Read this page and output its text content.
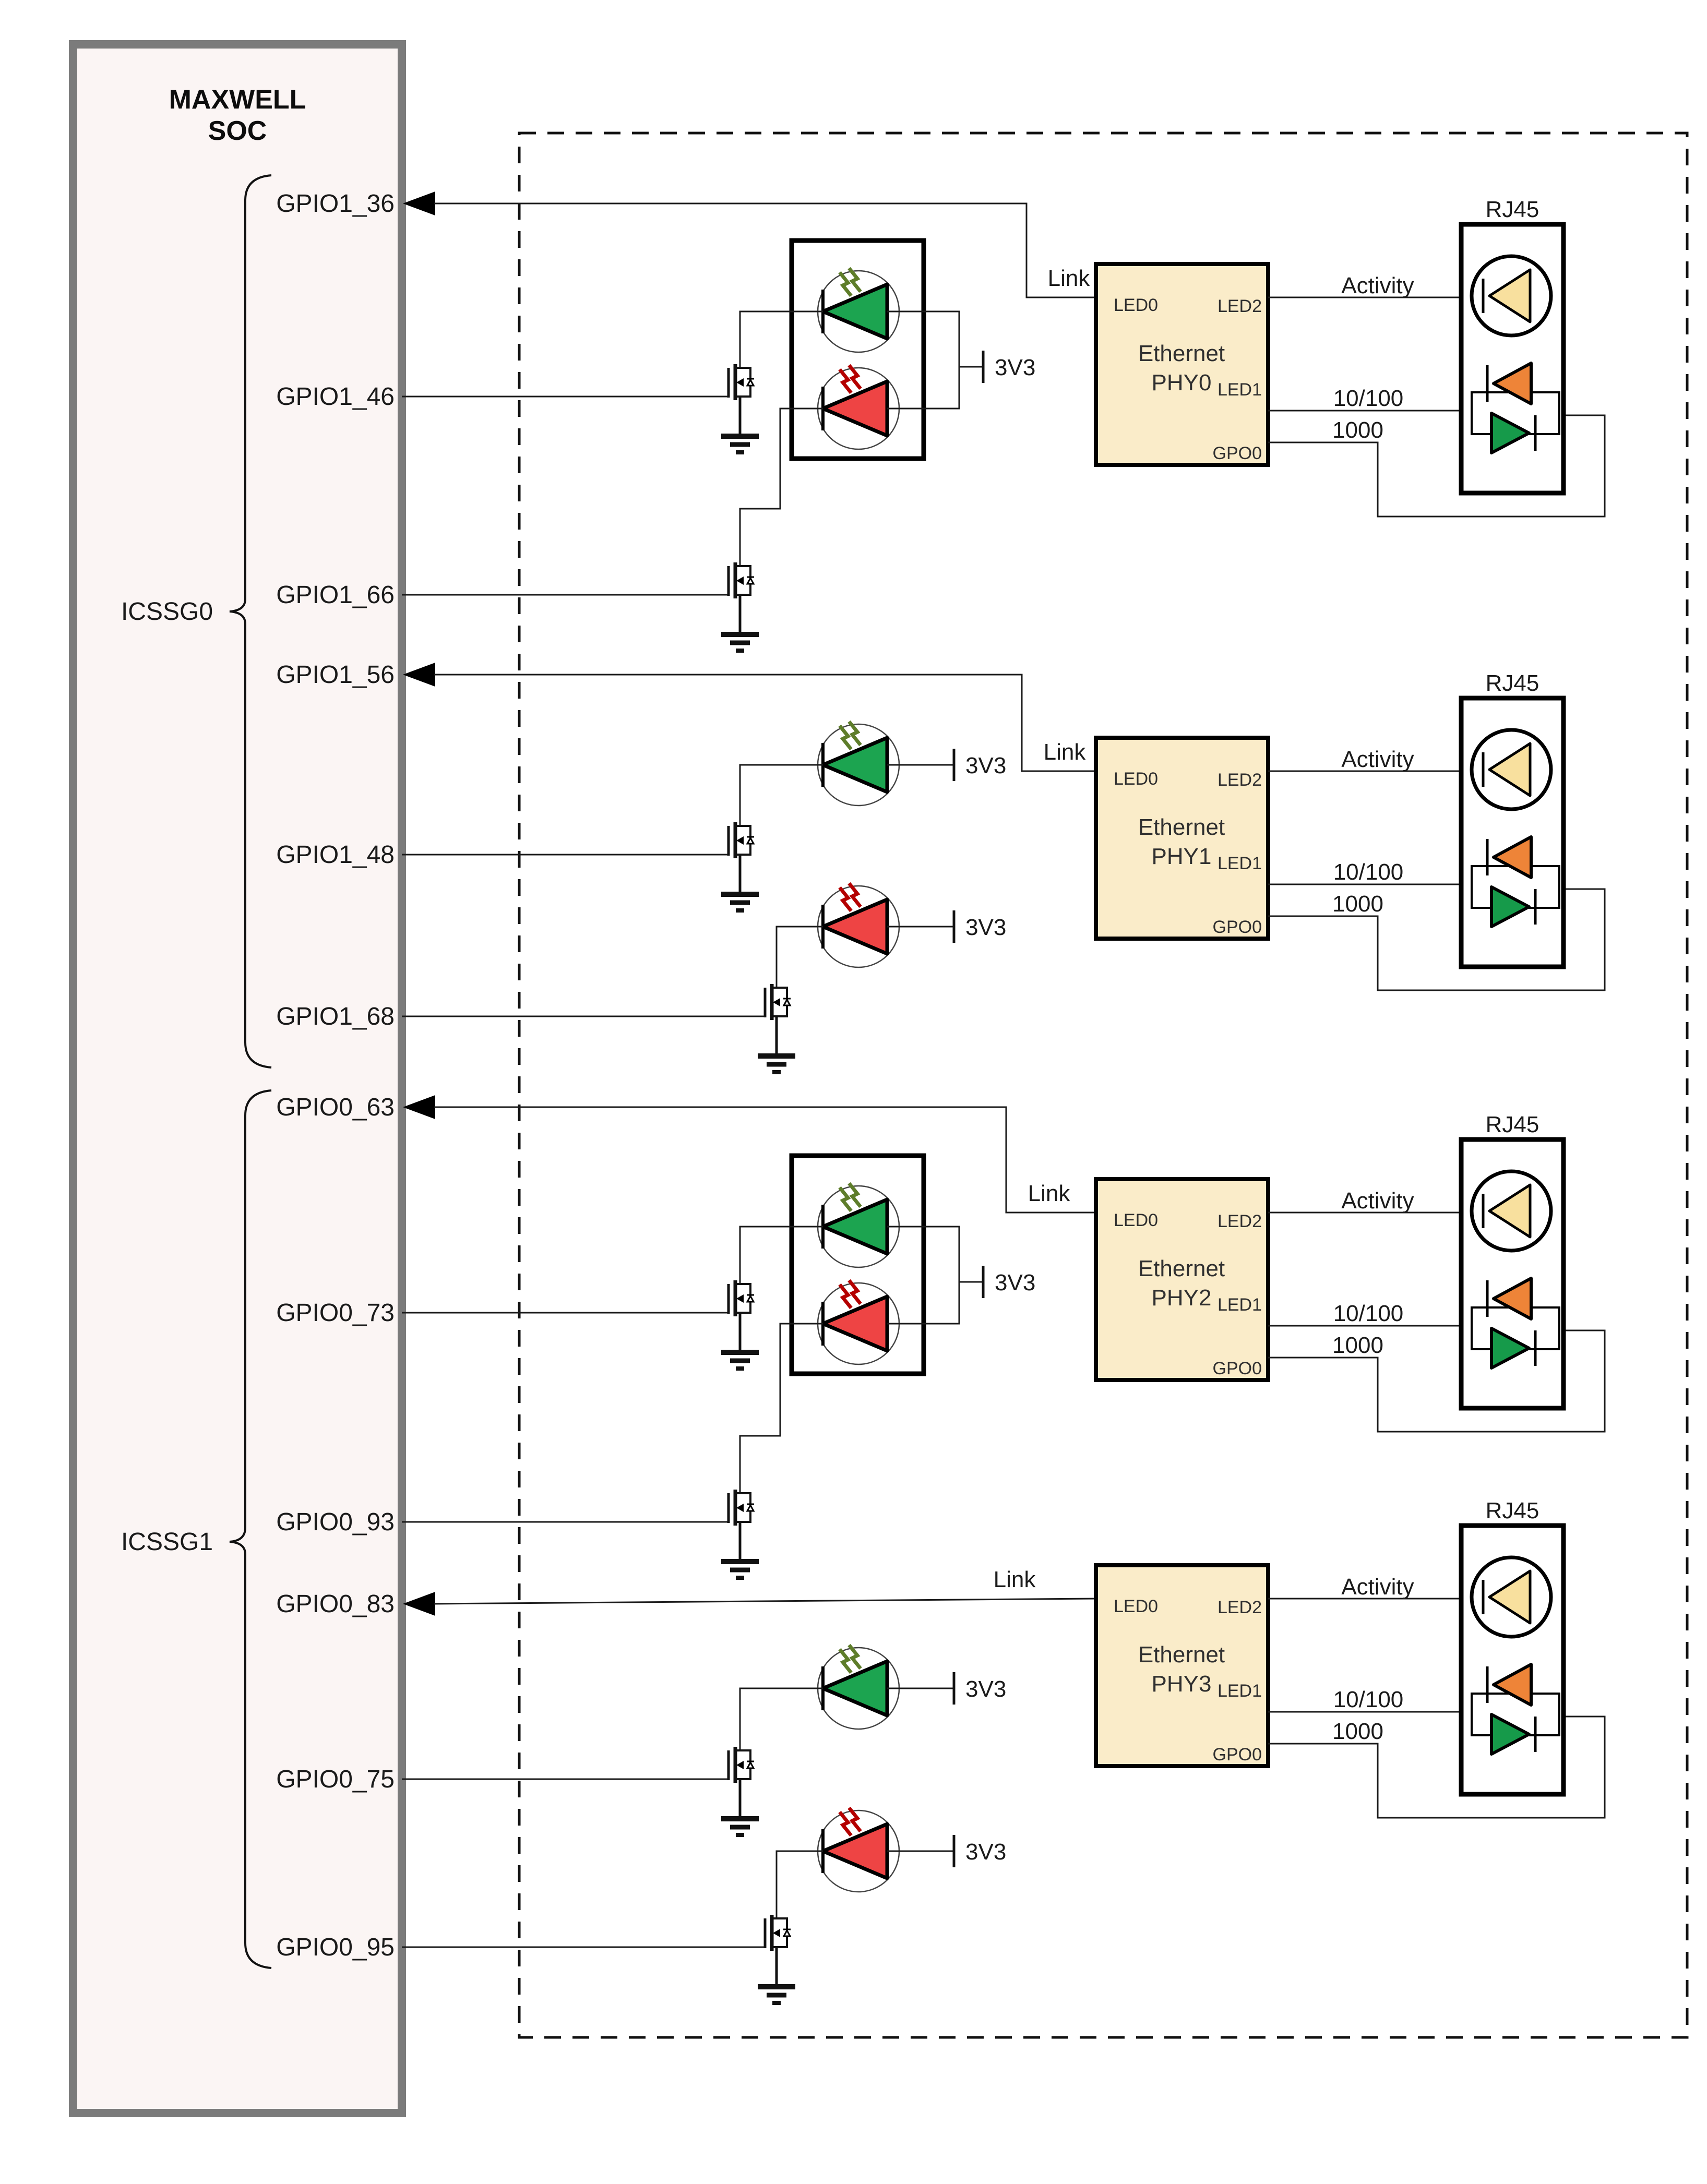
MAXWELL
SOC
ICSSG0
ICSSG1
GPIO1_36
GPIO1_46
GPIO1_66
GPIO1_56
GPIO1_48
GPIO1_68
GPIO0_63
GPIO0_73
GPIO0_93
GPIO0_83
GPIO0_75
GPIO0_95
Link
3V3
LED0	LED2
LED1
GPO0
Ethernet
PHY0
Activity
10/100
1000
RJ45
Link
3V3
3V3
LED0	LED2
LED1
GPO0
Ethernet
PHY1
Activity
10/100
1000
RJ45
Link
3V3
LED0	LED2
LED1
GPO0
Ethernet
PHY2
Activity
10/100
1000
RJ45
Link
3V3
3V3
LED0	LED2
LED1
GPO0
Ethernet
PHY3
Activity
10/100
1000
RJ45
